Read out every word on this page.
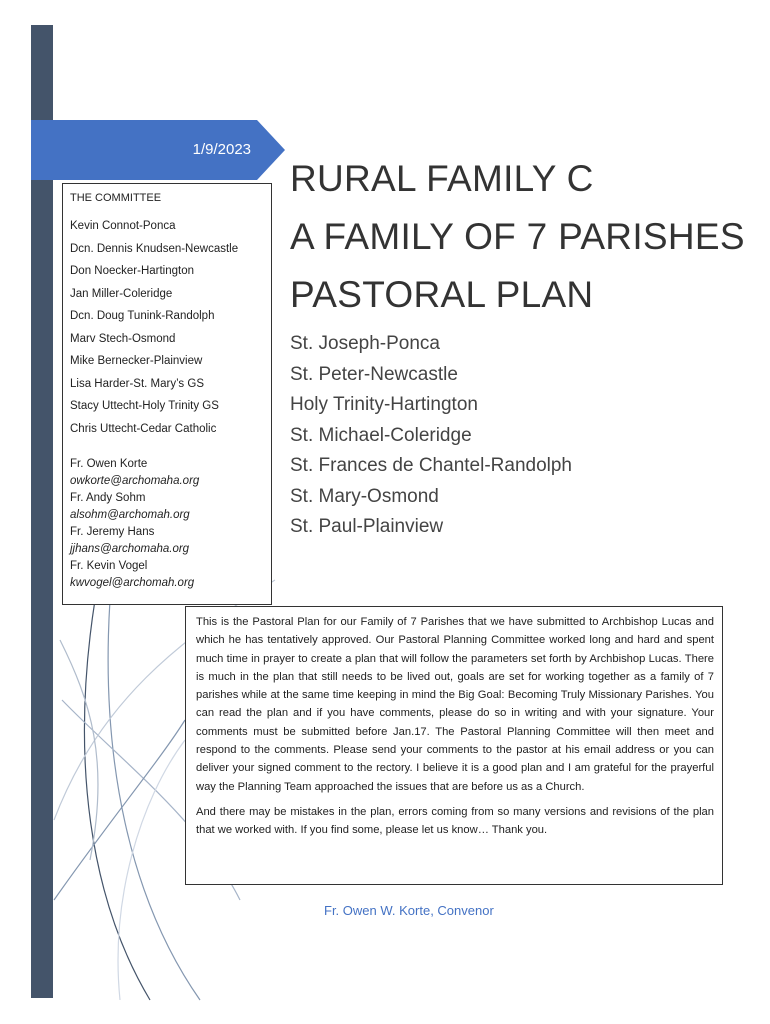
1/9/2023
THE COMMITTEE
Kevin Connot-Ponca
Dcn. Dennis Knudsen-Newcastle
Don Noecker-Hartington
Jan Miller-Coleridge
Dcn. Doug Tunink-Randolph
Marv Stech-Osmond
Mike Bernecker-Plainview
Lisa Harder-St. Mary’s GS
Stacy Uttecht-Holy Trinity GS
Chris Uttecht-Cedar Catholic
Fr. Owen Korte
owkorte@archomaha.org
Fr. Andy Sohm
alsohm@archomah.org
Fr. Jeremy Hans
jjhans@archomaha.org
Fr. Kevin Vogel
kwvogel@archomah.org
RURAL FAMILY C
A FAMILY OF 7 PARISHES
PASTORAL PLAN
St. Joseph-Ponca
St. Peter-Newcastle
Holy Trinity-Hartington
St. Michael-Coleridge
St. Frances de Chantel-Randolph
St. Mary-Osmond
St. Paul-Plainview

This is the Pastoral Plan for our Family of 7 Parishes that we have submitted to Archbishop Lucas and which he has tentatively approved. Our Pastoral Planning Committee worked long and hard and spent much time in prayer to create a plan that will follow the parameters set forth by Archbishop Lucas. There is much in the plan that still needs to be lived out, goals are set for working together as a family of 7 parishes while at the same time keeping in mind the Big Goal: Becoming Truly Missionary Parishes. You can read the plan and if you have comments, please do so in writing and with your signature. Your comments must be submitted before Jan.17. The Pastoral Planning Committee will then meet and respond to the comments. Please send your comments to the pastor at his email address or you can deliver your signed comment to the rectory. I believe it is a good plan and I am grateful for the prayerful way the Planning Team approached the issues that are before us as a Church.

And there may be mistakes in the plan, errors coming from so many versions and revisions of the plan that we worked with. If you find some, please let us know… Thank you.

Fr. Owen W. Korte, Convenor
